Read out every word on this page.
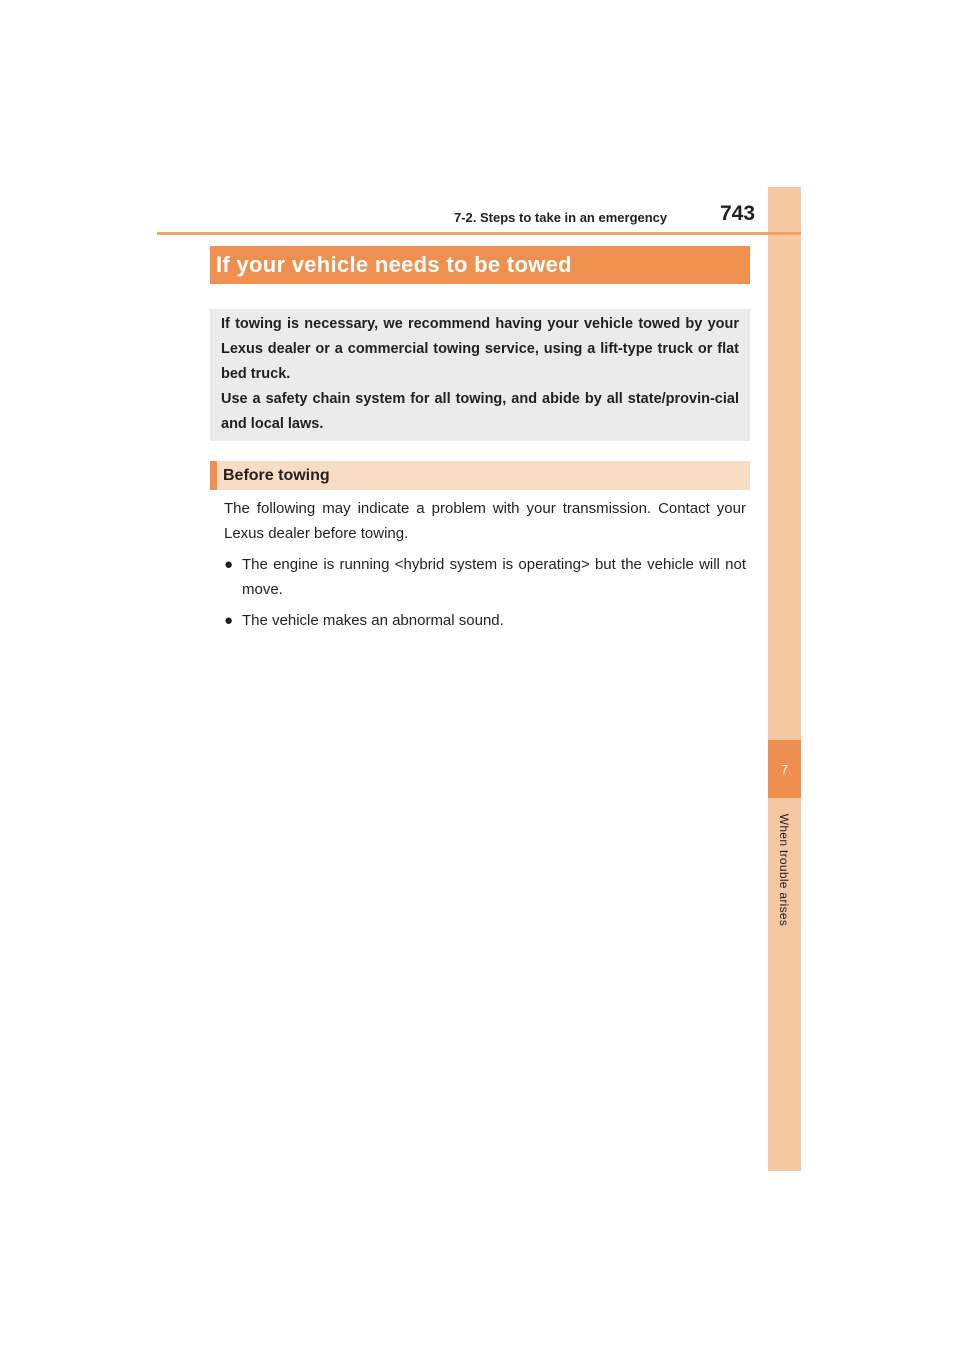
7
When trouble arises
7-2. Steps to take in an emergency	743
If your vehicle needs to be towed

If towing is necessary, we recommend having your vehicle towed by your Lexus dealer or a commercial towing service, using a lift-type truck or flat bed truck.

Use a safety chain system for all towing, and abide by all state/provin-cial and local laws.

Before towing

The following may indicate a problem with your transmission. Contact your Lexus dealer before towing.

● The engine is running <hybrid system is operating> but the vehicle will not move.
● The vehicle makes an abnormal sound.
